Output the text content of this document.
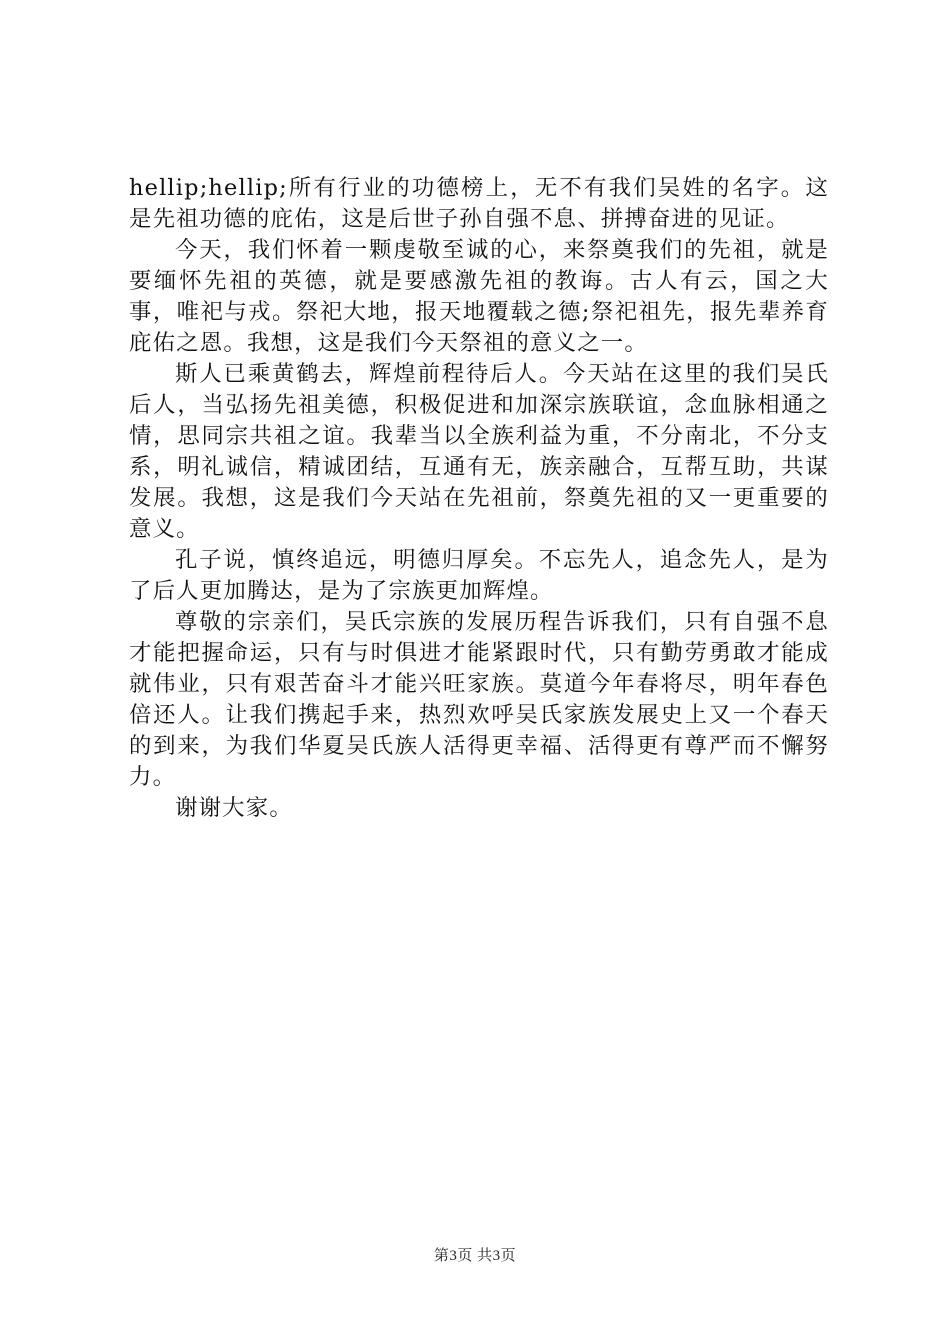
hellip;hellip;所有行业的功德榜上，无不有我们吴姓的名字。这是先祖功德的庇佑，这是后世子孙自强不息、拼搏奋进的见证。

今天，我们怀着一颗虔敬至诚的心，来祭奠我们的先祖，就是要缅怀先祖的英德，就是要感激先祖的教诲。古人有云，国之大事，唯祀与戎。祭祀大地，报天地覆载之德;祭祀祖先，报先辈养育庇佑之恩。我想，这是我们今天祭祖的意义之一。

斯人已乘黄鹤去，辉煌前程待后人。今天站在这里的我们吴氏后人，当弘扬先祖美德，积极促进和加深宗族联谊，念血脉相通之情，思同宗共祖之谊。我辈当以全族利益为重，不分南北，不分支系，明礼诚信，精诚团结，互通有无，族亲融合，互帮互助，共谋发展。我想，这是我们今天站在先祖前，祭奠先祖的又一更重要的意义。

孔子说，慎终追远，明德归厚矣。不忘先人，追念先人，是为了后人更加腾达，是为了宗族更加辉煌。

尊敬的宗亲们，吴氏宗族的发展历程告诉我们，只有自强不息才能把握命运，只有与时俱进才能紧跟时代，只有勤劳勇敢才能成就伟业，只有艰苦奋斗才能兴旺家族。莫道今年春将尽，明年春色倍还人。让我们携起手来，热烈欢呼吴氏家族发展史上又一个春天的到来，为我们华夏吴氏族人活得更幸福、活得更有尊严而不懈努力。

谢谢大家。

第3页 共3页
